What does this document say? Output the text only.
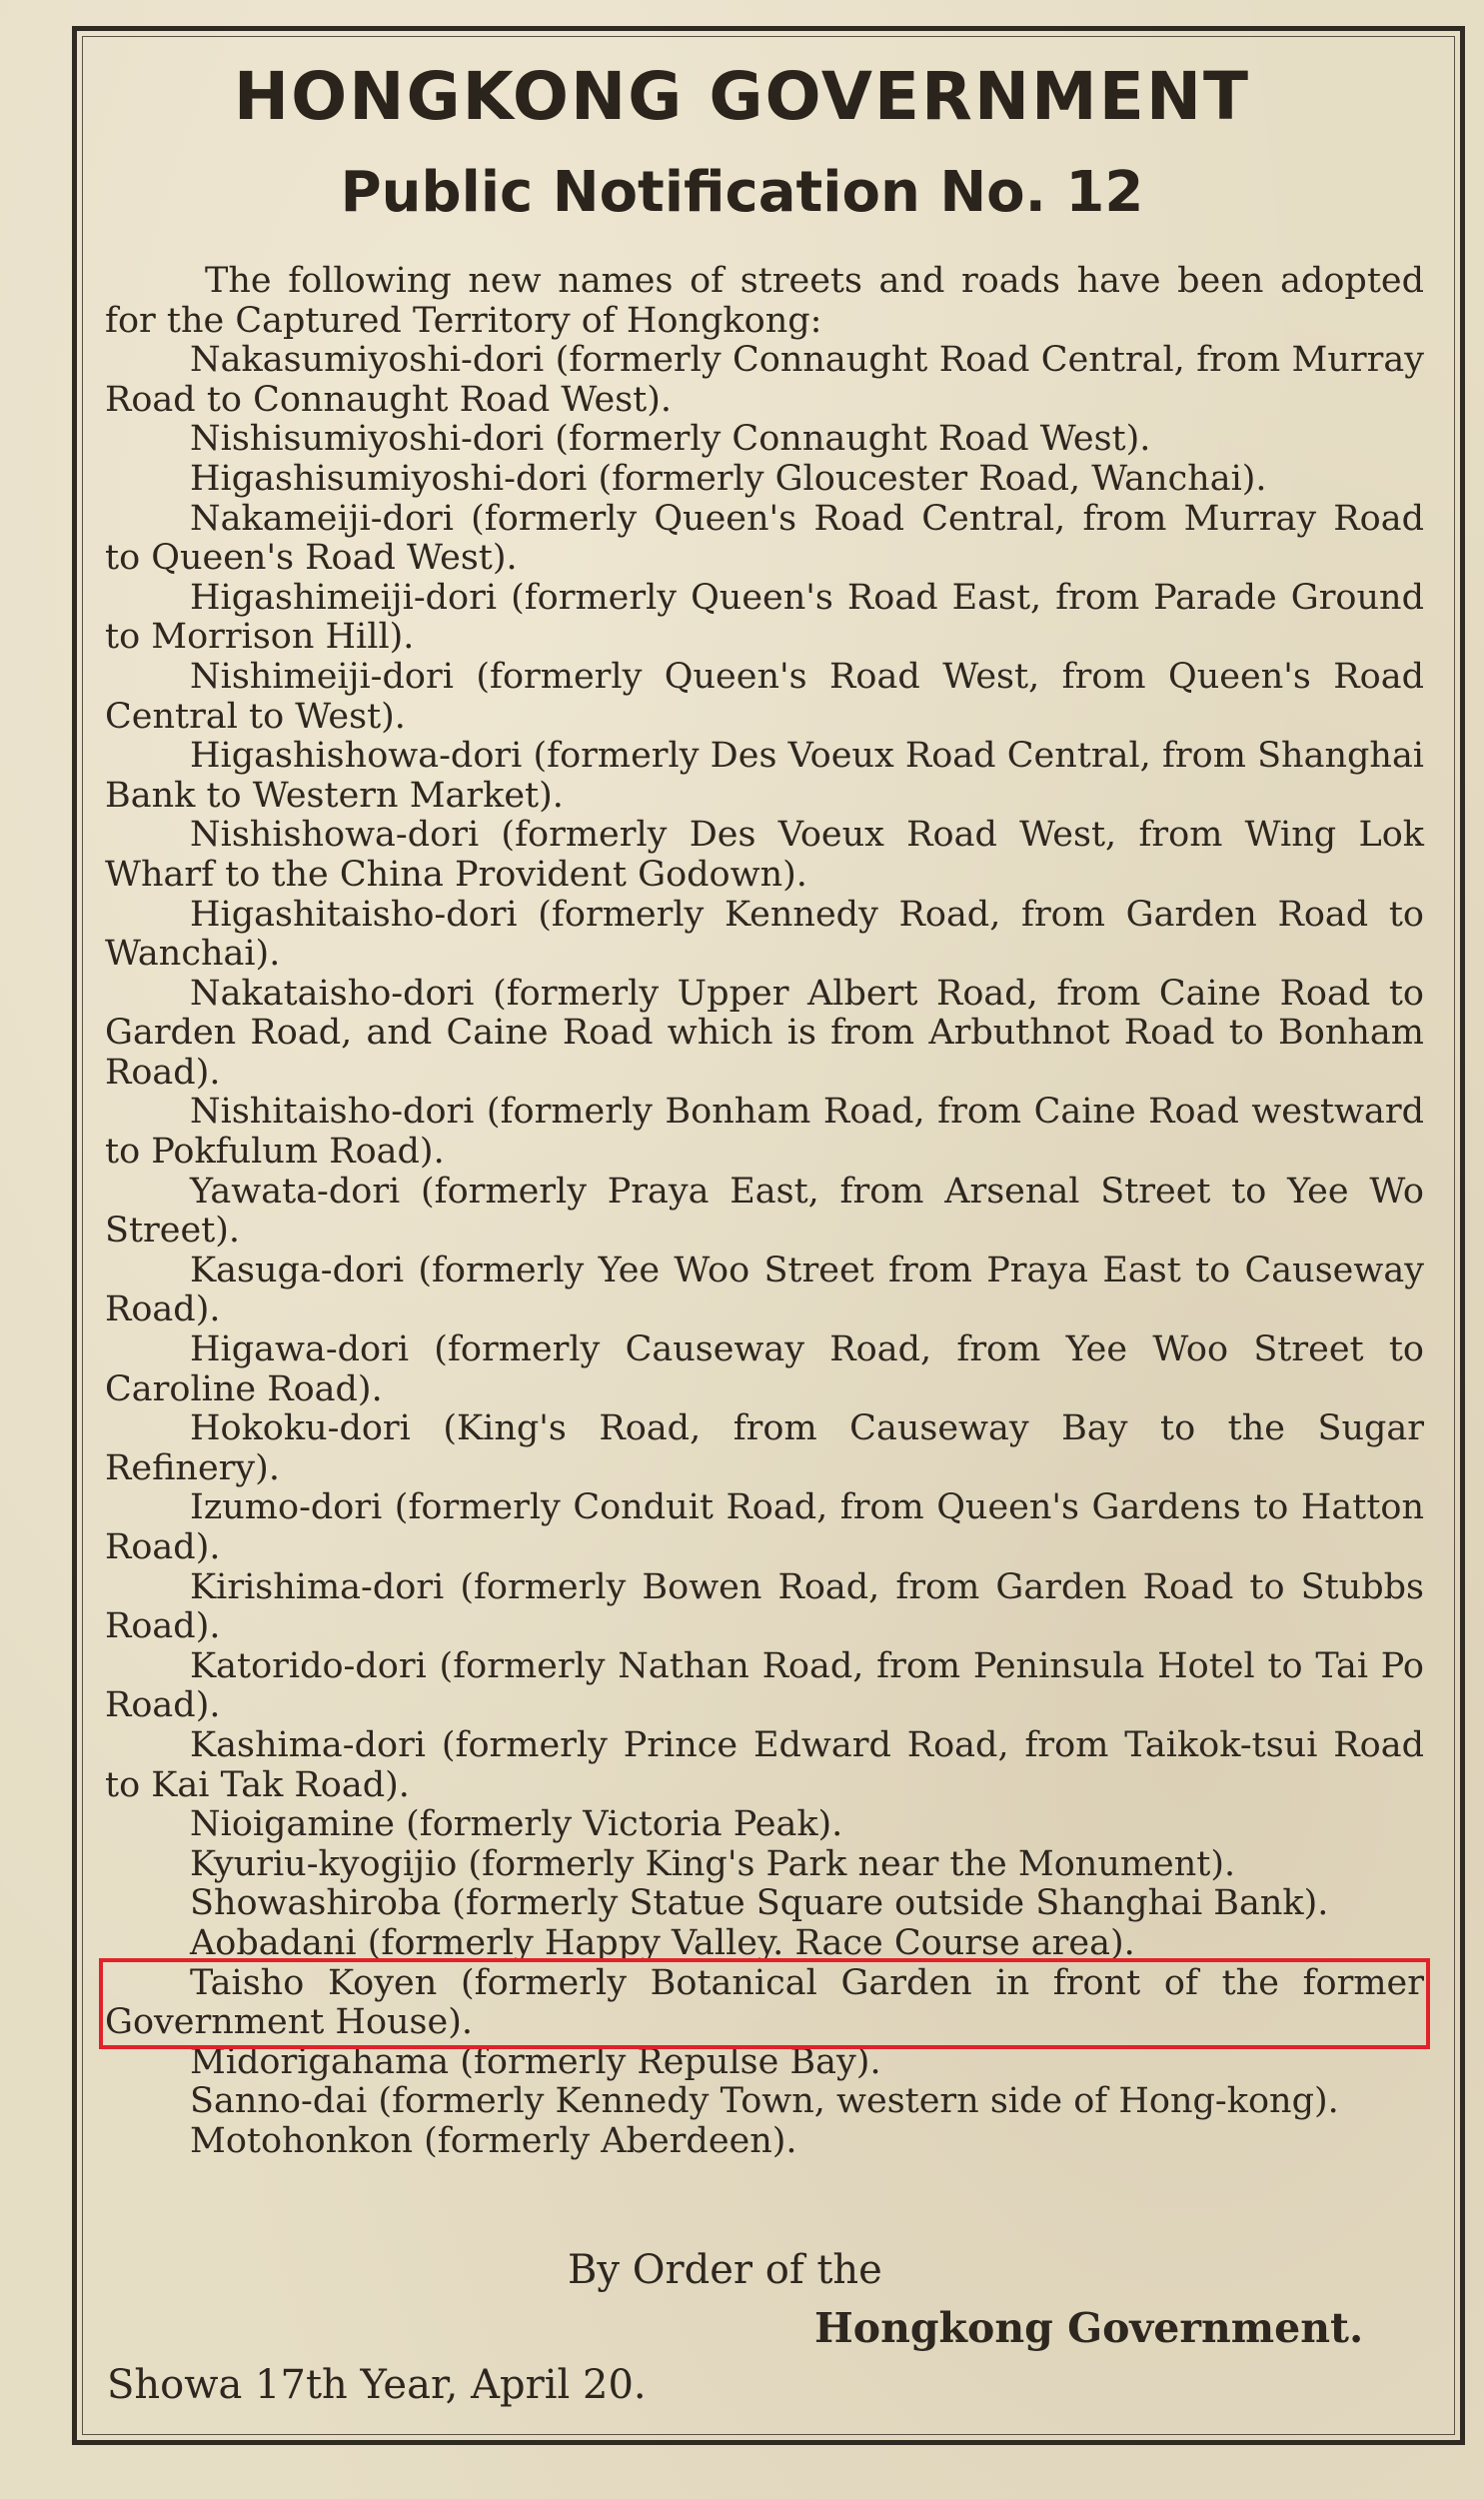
HONGKONG GOVERNMENT
Public Notification No. 12

The following new names of streets and roads have been adopted for the Captured Territory of Hongkong:

Nakasumiyoshi-dori (formerly Connaught Road Central, from Murray Road to Connaught Road West).

Nishisumiyoshi-dori (formerly Connaught Road West).

Higashisumiyoshi-dori (formerly Gloucester Road, Wanchai).

Nakameiji-dori (formerly Queen's Road Central, from Murray Road to Queen's Road West).

Higashimeiji-dori (formerly Queen's Road East, from Parade Ground to Morrison Hill).

Nishimeiji-dori (formerly Queen's Road West, from Queen's Road Central to West).

Higashishowa-dori (formerly Des Voeux Road Central, from Shanghai Bank to Western Market).

Nishishowa-dori (formerly Des Voeux Road West, from Wing Lok Wharf to the China Provident Godown).

Higashitaisho-dori (formerly Kennedy Road, from Garden Road to Wanchai).

Nakataisho-dori (formerly Upper Albert Road, from Caine Road to Garden Road, and Caine Road which is from Arbuthnot Road to Bonham Road).

Nishitaisho-dori (formerly Bonham Road, from Caine Road westward to Pokfulum Road).

Yawata-dori (formerly Praya East, from Arsenal Street to Yee Wo Street).

Kasuga-dori (formerly Yee Woo Street from Praya East to Causeway Road).

Higawa-dori (formerly Causeway Road, from Yee Woo Street to Caroline Road).

Hokoku-dori (King's Road, from Causeway Bay to the Sugar Refinery).

Izumo-dori (formerly Conduit Road, from Queen's Gardens to Hatton Road).

Kirishima-dori (formerly Bowen Road, from Garden Road to Stubbs Road).

Katorido-dori (formerly Nathan Road, from Peninsula Hotel to Tai Po Road).

Kashima-dori (formerly Prince Edward Road, from Taikok-tsui Road to Kai Tak Road).

Nioigamine (formerly Victoria Peak).

Kyuriu-kyogijio (formerly King's Park near the Monument).

Showashiroba (formerly Statue Square outside Shanghai Bank).

Aobadani (formerly Happy Valley. Race Course area).

Taisho Koyen (formerly Botanical Garden in front of the former Government House).

Midorigahama (formerly Repulse Bay).

Sanno-dai (formerly Kennedy Town, western side of Hong-kong).

Motohonkon (formerly Aberdeen).

By Order of the
Hongkong Government.
Showa 17th Year, April 20.
